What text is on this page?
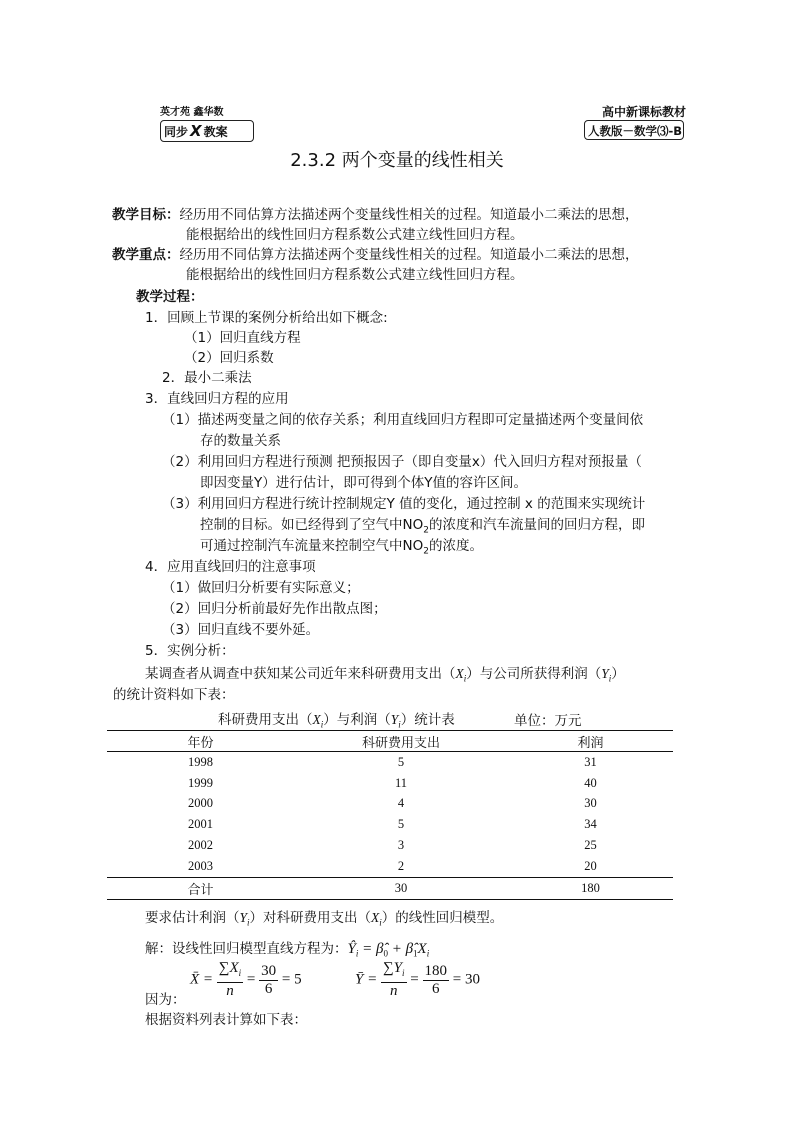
英才苑 鑫华数
同步 X 教案
高中新课标教材
人教版－数学⑶-B
2.3.2 两个变量的线性相关
教学目标：经历用不同估算方法描述两个变量线性相关的过程。知道最小二乘法的思想，
能根据给出的线性回归方程系数公式建立线性回归方程。
教学重点：经历用不同估算方法描述两个变量线性相关的过程。知道最小二乘法的思想，
能根据给出的线性回归方程系数公式建立线性回归方程。
教学过程：
1．回顾上节课的案例分析给出如下概念:
（1）回归直线方程
（2）回归系数
2．最小二乘法
3．直线回归方程的应用
（1）描述两变量之间的依存关系；利用直线回归方程即可定量描述两个变量间依
存的数量关系
（2）利用回归方程进行预测 把预报因子（即自变量x）代入回归方程对预报量（
即因变量Y）进行估计，即可得到个体Y值的容许区间。
（3）利用回归方程进行统计控制规定Y 值的变化，通过控制 x 的范围来实现统计
控制的目标。如已经得到了空气中$NO_2$的浓度和汽车流量间的回归方程，即
可通过控制汽车流量来控制空气中$NO_2$的浓度。
4．应用直线回归的注意事项
（1）做回归分析要有实际意义；
（2）回归分析前最好先作出散点图；
（3）回归直线不要外延。
5．实例分析：
某调查者从调查中获知某公司近年来科研费用支出$(X_i)$与公司所获得利润$(Y_i)$
的统计资料如下表：
科研费用支出$(X_i)$与利润$(Y_i)$统计表	单位：万元
年份	科研费用支出	利润
1998	5	31
1999	11	40
2000	4	30
2001	5	34
2002	3	25
2003	2	20
合计	30	180
要求估计利润$(Y_i)$对科研费用支出$(X_i)$的线性回归模型。
解：设线性回归模型直线方程为：$Ŷ_i$ = $\betâ_0$ + $\betâ_1X_i$
因为：
X̄ = $\frac{\sum X_i}{n} = \frac{30}{6} = 5$	Ȳ = $\frac{\sum Y_i}{n} = \frac{180}{6} = 30$
根据资料列表计算如下表：
